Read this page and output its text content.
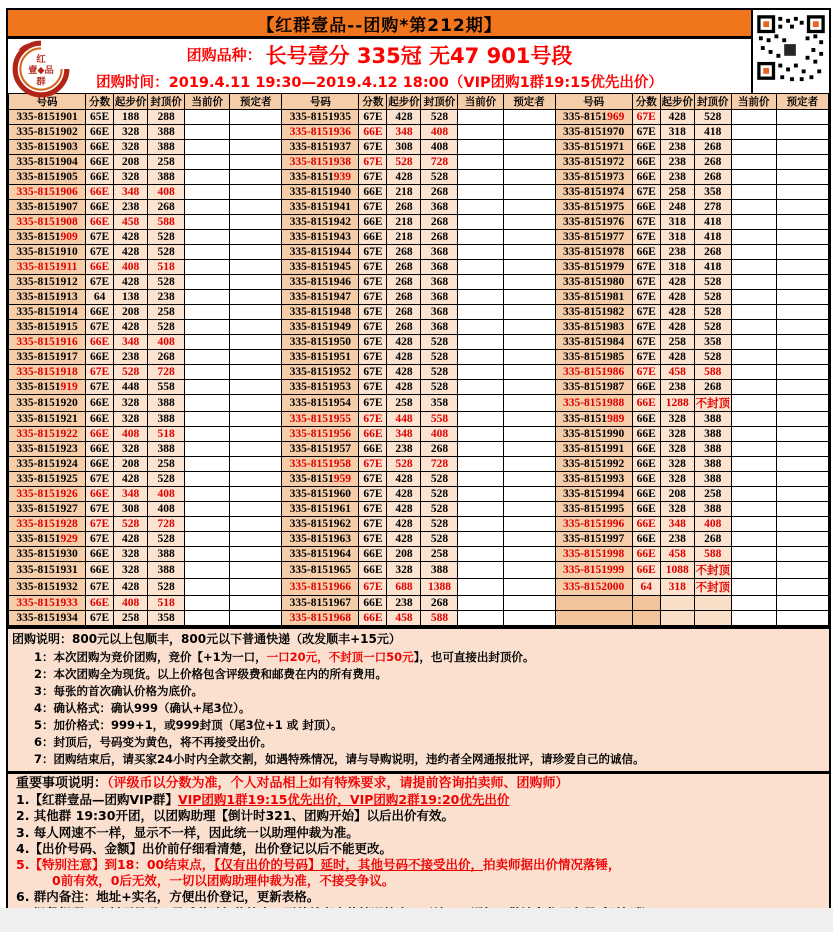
【红群壹品--团购*第212期】
团购品种： 长号壹分 335冠 无47 901号段
团购时间：2019.4.11 19:30—2019.4.12 18:00（VIP团购1群19:15优先出价）
红
壹◆品
群
号码	分数	起步价	封顶价	当前价	预定者	号码	分数	起步价	封顶价	当前价	预定者	号码	分数	起步价	封顶价	当前价	预定者
335-8151901	65E	188	288			335-8151935	67E	428	528			335-8151969	67E	428	528		
335-8151902	66E	328	388			335-8151936	66E	348	408			335-8151970	67E	318	418		
335-8151903	66E	328	388			335-8151937	67E	308	408			335-8151971	66E	238	268		
335-8151904	66E	208	258			335-8151938	67E	528	728			335-8151972	66E	238	268		
335-8151905	66E	328	388			335-8151939	67E	428	528			335-8151973	66E	238	268		
335-8151906	66E	348	408			335-8151940	66E	218	268			335-8151974	67E	258	358		
335-8151907	66E	238	268			335-8151941	67E	268	368			335-8151975	66E	248	278		
335-8151908	66E	458	588			335-8151942	66E	218	268			335-8151976	67E	318	418		
335-8151909	67E	428	528			335-8151943	66E	218	268			335-8151977	67E	318	418		
335-8151910	67E	428	528			335-8151944	67E	268	368			335-8151978	66E	238	268		
335-8151911	66E	408	518			335-8151945	67E	268	368			335-8151979	67E	318	418		
335-8151912	67E	428	528			335-8151946	67E	268	368			335-8151980	67E	428	528		
335-8151913	64	138	238			335-8151947	67E	268	368			335-8151981	67E	428	528		
335-8151914	66E	208	258			335-8151948	67E	268	368			335-8151982	67E	428	528		
335-8151915	67E	428	528			335-8151949	67E	268	368			335-8151983	67E	428	528		
335-8151916	66E	348	408			335-8151950	67E	428	528			335-8151984	67E	258	358		
335-8151917	66E	238	268			335-8151951	67E	428	528			335-8151985	67E	428	528		
335-8151918	67E	528	728			335-8151952	67E	428	528			335-8151986	67E	458	588		
335-8151919	67E	448	558			335-8151953	67E	428	528			335-8151987	66E	238	268		
335-8151920	66E	328	388			335-8151954	67E	258	358			335-8151988	66E	1288	不封顶		
335-8151921	66E	328	388			335-8151955	67E	448	558			335-8151989	66E	328	388		
335-8151922	66E	408	518			335-8151956	66E	348	408			335-8151990	66E	328	388		
335-8151923	66E	328	388			335-8151957	66E	238	268			335-8151991	66E	328	388		
335-8151924	66E	208	258			335-8151958	67E	528	728			335-8151992	66E	328	388		
335-8151925	67E	428	528			335-8151959	67E	428	528			335-8151993	66E	328	388		
335-8151926	66E	348	408			335-8151960	67E	428	528			335-8151994	66E	208	258		
335-8151927	67E	308	408			335-8151961	67E	428	528			335-8151995	66E	328	388		
335-8151928	67E	528	728			335-8151962	67E	428	528			335-8151996	66E	348	408		
335-8151929	67E	428	528			335-8151963	67E	428	528			335-8151997	66E	238	268		
335-8151930	66E	328	388			335-8151964	66E	208	258			335-8151998	66E	458	588		
335-8151931	66E	328	388			335-8151965	66E	328	388			335-8151999	66E	1088	不封顶		
335-8151932	67E	428	528			335-8151966	67E	688	1388			335-8152000	64	318	不封顶		
335-8151933	66E	408	518			335-8151967	66E	238	268								
335-8151934	67E	258	358			335-8151968	66E	458	588								
团购说明：800元以上包顺丰，800元以下普通快递（改发顺丰+15元）
1：本次团购为竞价团购，竞价【+1为一口，一口20元，不封顶一口50元】，也可直接出封顶价。
2：本次团购全为现货。以上价格包含评级费和邮费在内的所有费用。
3：每张的首次确认价格为底价。
4：确认格式：确认999（确认+尾3位）。
5：加价格式：999+1，或999封顶（尾3位+1 或 封顶）。
6：封顶后，号码变为黄色，将不再接受出价。
7：团购结束后，请买家24小时内全款交割，如遇特殊情况，请与导购说明，违约者全网通报批评，请珍爱自己的诚信。
重要事项说明：（评级币以分数为准，个人对品相上如有特殊要求，请提前咨询拍卖师、团购师）
1.【红群壹品—团购VIP群】VIP团购1群19:15优先出价，VIP团购2群19:20优先出价
2. 其他群 19:30开团，以团购助理【倒计时321、团购开始】以后出价有效。
3. 每人网速不一样，显示不一样，因此统一以助理仲裁为准。
4.【出价号码、金额】出价前仔细看清楚，出价登记以后不能更改。
5.【特别注意】到18：00结束点，【仅有出价的号码】延时，其他号码不接受出价，拍卖师据出价情况落锤，
0前有效，0后无效，一切以团购助理仲裁为准，不接受争议。
6. 群内备注：地址+实名，方便出价登记，更新表格。
